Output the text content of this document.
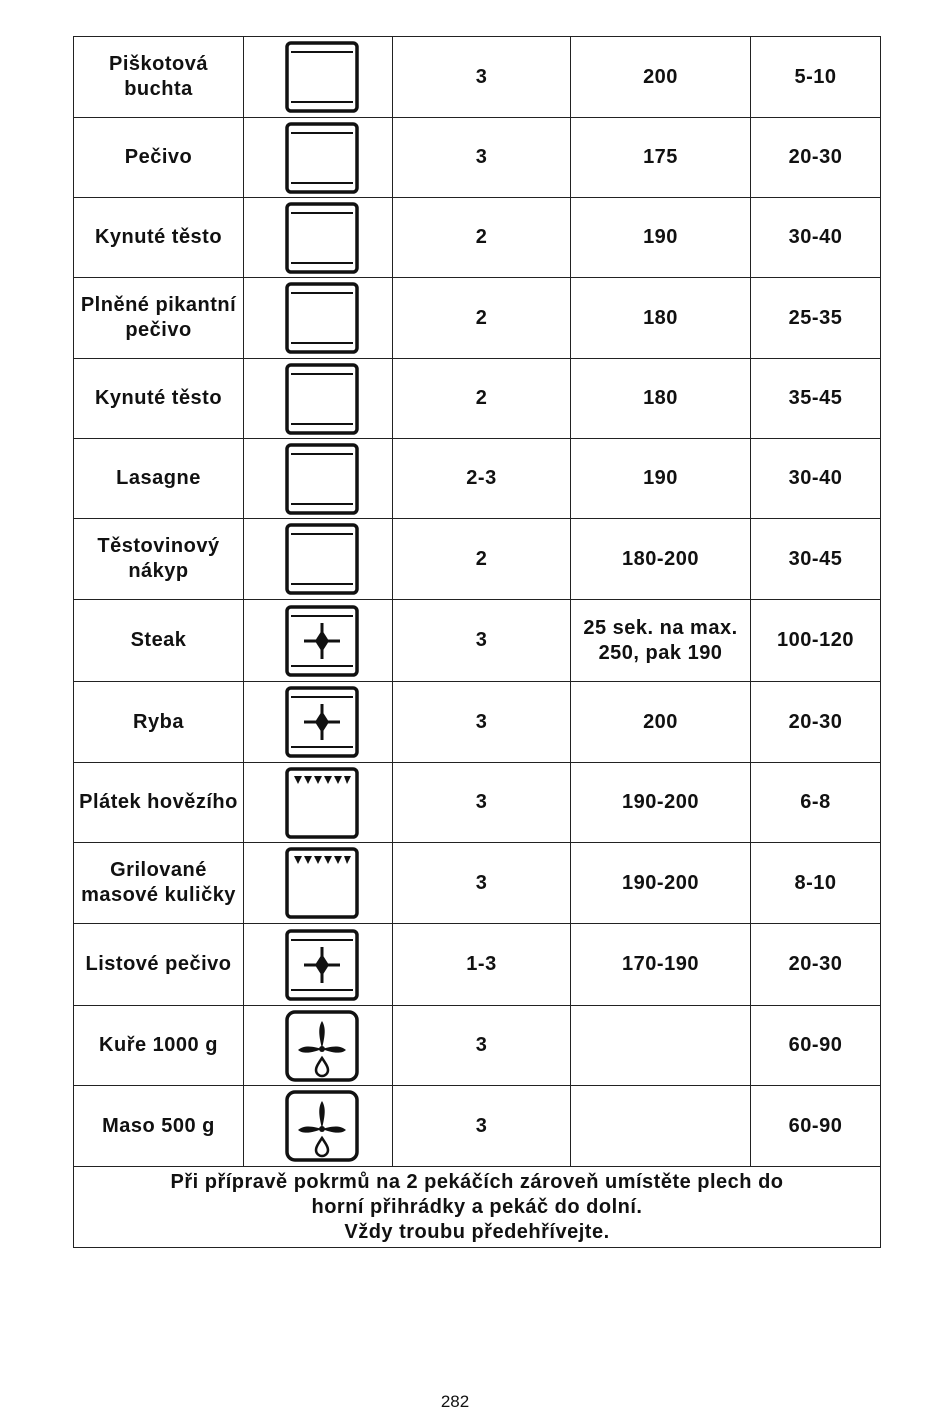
Piškotová buchta		3	200	5-10
Pečivo		3	175	20-30
Kynuté těsto		2	190	30-40
Plněné pikantní pečivo		2	180	25-35
Kynuté těsto		2	180	35-45
Lasagne		2-3	190	30-40
Těstovinový nákyp		2	180-200	30-45
Steak		3	25 sek. na max. 250, pak 190	100-120
Ryba		3	200	20-30
Plátek hovězího		3	190-200	6-8
Grilované masové kuličky		3	190-200	8-10
Listové pečivo		1-3	170-190	20-30
Kuře 1000 g		3		60-90
Maso 500 g		3		60-90

Při přípravě pokrmů na 2 pekáčích zároveň umístěte plech do
horní přihrádky a pekáč do dolní.
Vždy troubu předehřívejte.				
282
